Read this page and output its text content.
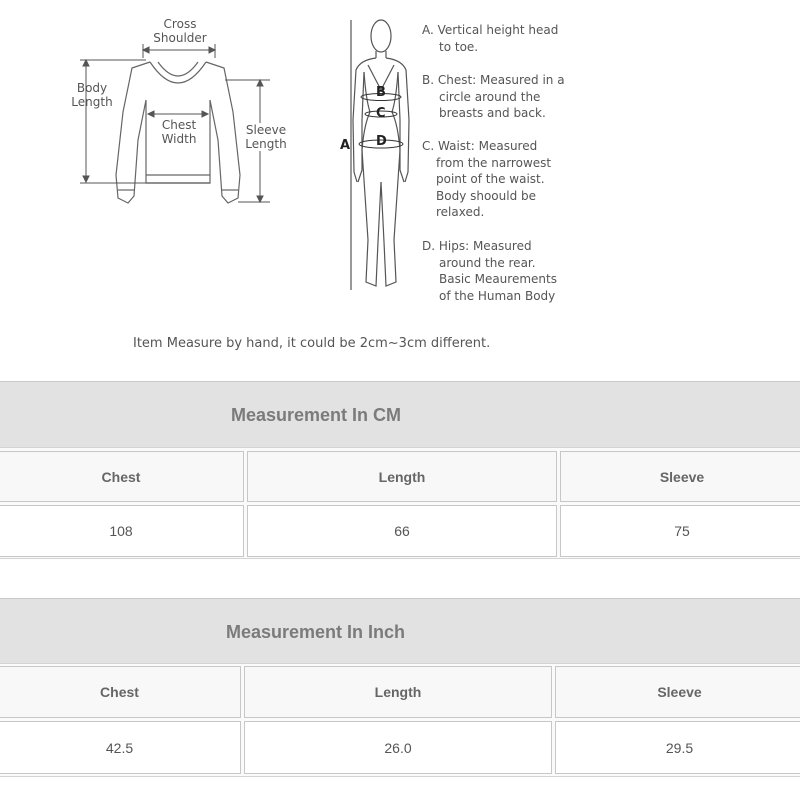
Cross
Shoulder
Body
Length
Chest
Width
Sleeve
Length
B
C
D
A
A. Vertical height head
to toe.
B. Chest: Measured in a
circle around the
breasts and back.
C. Waist: Measured
from the narrowest
point of the waist.
Body shoould be
relaxed.
D. Hips: Measured
around the rear.
Basic Meaurements
of the Human Body
Item Measure by hand, it could be 2cm~3cm different.
Measurement In CM
Chest	Length	Sleeve
108	66	75
Measurement In Inch
Chest	Length	Sleeve
42.5	26.0	29.5
